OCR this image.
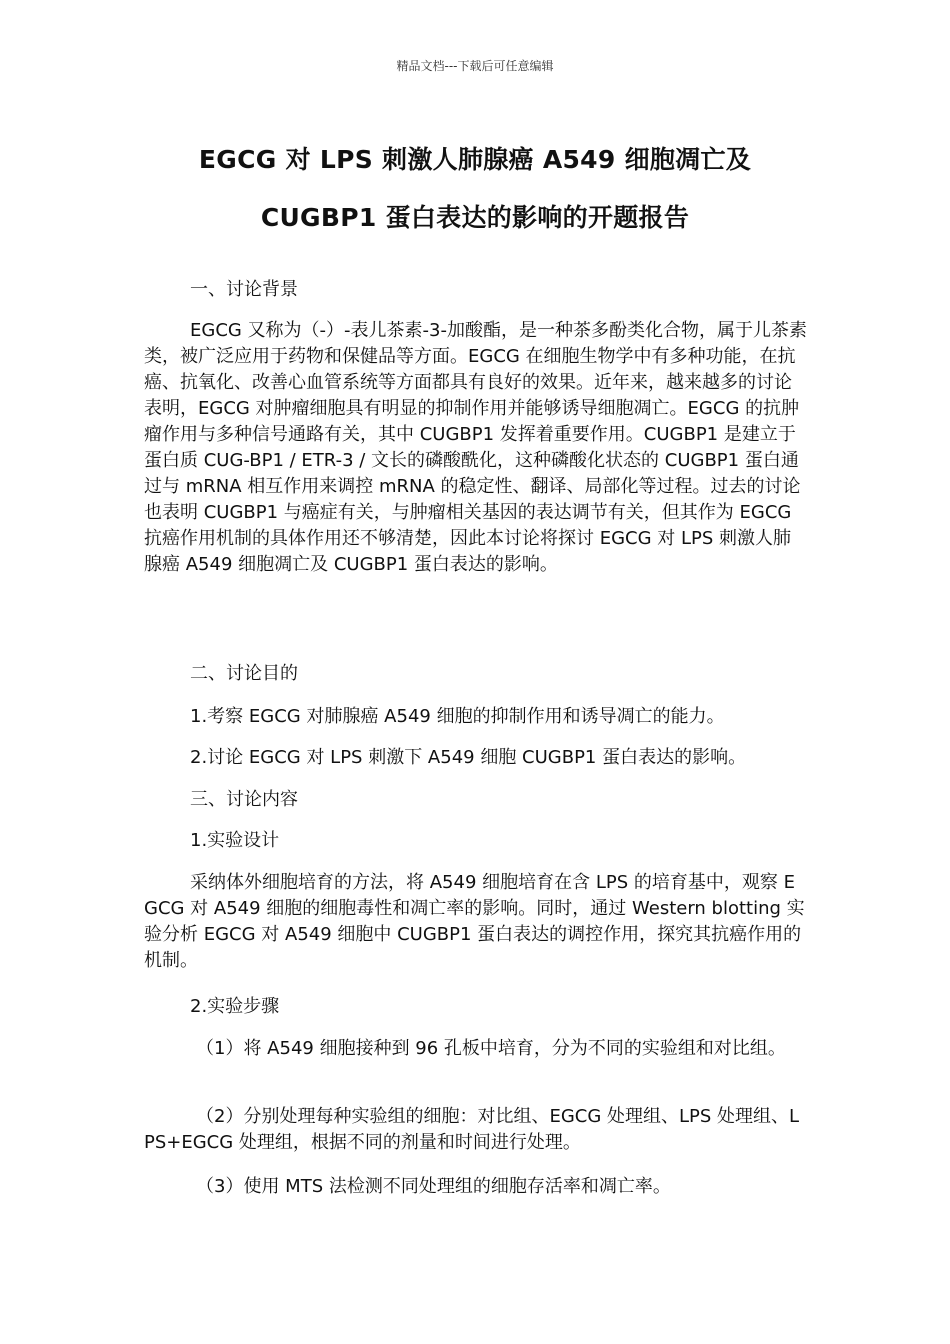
精品文档---下载后可任意编辑
EGCG 对 LPS 刺激人肺腺癌 A549 细胞凋亡及
CUGBP1 蛋白表达的影响的开题报告
一、讨论背景
EGCG 又称为（-）-表儿茶素-3-加酸酯，是一种茶多酚类化合物，属于儿茶素类，被广泛应用于药物和保健品等方面。EGCG 在细胞生物学中有多种功能，在抗癌、抗氧化、改善心血管系统等方面都具有良好的效果。近年来，越来越多的讨论表明，EGCG 对肿瘤细胞具有明显的抑制作用并能够诱导细胞凋亡。EGCG 的抗肿瘤作用与多种信号通路有关，其中 CUGBP1 发挥着重要作用。CUGBP1 是建立于蛋白质 CUG-BP1 / ETR-3 / 文长的磷酸酰化，这种磷酸化状态的 CUGBP1 蛋白通过与 mRNA 相互作用来调控 mRNA 的稳定性、翻译、局部化等过程。过去的讨论也表明 CUGBP1 与癌症有关，与肿瘤相关基因的表达调节有关，但其作为 EGCG 抗癌作用机制的具体作用还不够清楚，因此本讨论将探讨 EGCG 对 LPS 刺激人肺腺癌 A549 细胞凋亡及 CUGBP1 蛋白表达的影响。
二、讨论目的
1.考察 EGCG 对肺腺癌 A549 细胞的抑制作用和诱导凋亡的能力。
2.讨论 EGCG 对 LPS 刺激下 A549 细胞 CUGBP1 蛋白表达的影响。
三、讨论内容
1.实验设计
采纳体外细胞培育的方法，将 A549 细胞培育在含 LPS 的培育基中，观察 EGCG 对 A549 细胞的细胞毒性和凋亡率的影响。同时，通过 Western blotting 实验分析 EGCG 对 A549 细胞中 CUGBP1 蛋白表达的调控作用，探究其抗癌作用的机制。
2.实验步骤
（1）将 A549 细胞接种到 96 孔板中培育，分为不同的实验组和对比组。
（2）分别处理每种实验组的细胞：对比组、EGCG 处理组、LPS 处理组、LPS+EGCG 处理组，根据不同的剂量和时间进行处理。
（3）使用 MTS 法检测不同处理组的细胞存活率和凋亡率。
